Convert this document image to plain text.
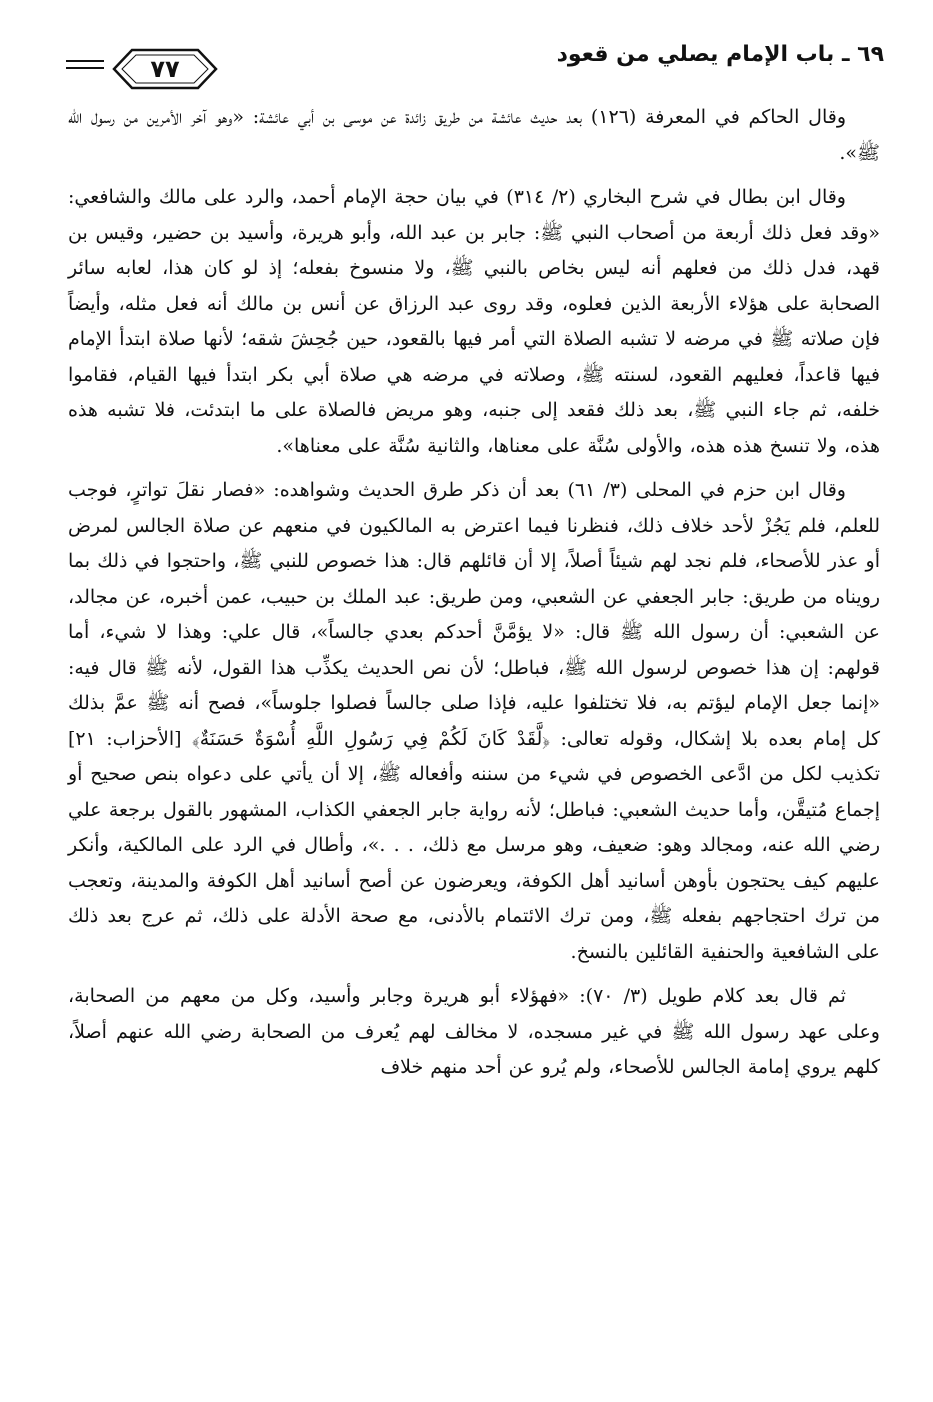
٦٩ ـ باب الإمام يصلي من قعود
٧٧

وقال الحاكم في المعرفة (١٢٦) بعد حديث عائشة من طريق زائدة عن موسى بن أبي عائشة: «وهو آخر الأمرين من رسول الله ﷺ».

وقال ابن بطال في شرح البخاري (٢/ ٣١٤) في بيان حجة الإمام أحمد، والرد على مالك والشافعي: «وقد فعل ذلك أربعة من أصحاب النبي ﷺ: جابر بن عبد الله، وأبو هريرة، وأسيد بن حضير، وقيس بن قهد، فدل ذلك من فعلهم أنه ليس بخاص بالنبي ﷺ، ولا منسوخ بفعله؛ إذ لو كان هذا، لعابه سائر الصحابة على هؤلاء الأربعة الذين فعلوه، وقد روى عبد الرزاق عن أنس بن مالك أنه فعل مثله، وأيضاً فإن صلاته ﷺ في مرضه لا تشبه الصلاة التي أمر فيها بالقعود، حين جُحِشَ شقه؛ لأنها صلاة ابتدأ الإمام فيها قاعداً، فعليهم القعود، لسنته ﷺ، وصلاته في مرضه هي صلاة أبي بكر ابتدأ فيها القيام، فقاموا خلفه، ثم جاء النبي ﷺ، بعد ذلك فقعد إلى جنبه، وهو مريض فالصلاة على ما ابتدئت، فلا تشبه هذه هذه، ولا تنسخ هذه هذه، والأولى سُنَّة على معناها، والثانية سُنَّة على معناها».

وقال ابن حزم في المحلى (٣/ ٦١) بعد أن ذكر طرق الحديث وشواهده: «فصار نقلَ تواترٍ، فوجب للعلم، فلم يَجُزْ لأحد خلاف ذلك، فنظرنا فيما اعترض به المالكيون في منعهم عن صلاة الجالس لمرض أو عذر للأصحاء، فلم نجد لهم شيئاً أصلاً، إلا أن قائلهم قال: هذا خصوص للنبي ﷺ، واحتجوا في ذلك بما رويناه من طريق: جابر الجعفي عن الشعبي، ومن طريق: عبد الملك بن حبيب، عمن أخبره، عن مجالد، عن الشعبي: أن رسول الله ﷺ قال: «لا يؤمَّنَّ أحدكم بعدي جالساً»، قال علي: وهذا لا شيء، أما قولهم: إن هذا خصوص لرسول الله ﷺ، فباطل؛ لأن نص الحديث يكذِّب هذا القول، لأنه ﷺ قال فيه: «إنما جعل الإمام ليؤتم به، فلا تختلفوا عليه، فإذا صلى جالساً فصلوا جلوساً»، فصح أنه ﷺ عمَّ بذلك كل إمام بعده بلا إشكال، وقوله تعالى: ﴿لَّقَدْ كَانَ لَكُمْ فِي رَسُولِ اللَّهِ أُسْوَةٌ حَسَنَةٌ﴾ [الأحزاب: ٢١] تكذيب لكل من ادَّعى الخصوص في شيء من سننه وأفعاله ﷺ، إلا أن يأتي على دعواه بنص صحيح أو إجماع مُتيقَّن، وأما حديث الشعبي: فباطل؛ لأنه رواية جابر الجعفي الكذاب، المشهور بالقول برجعة علي رضي الله عنه، ومجالد وهو: ضعيف، وهو مرسل مع ذلك، . . .»، وأطال في الرد على المالكية، وأنكر عليهم كيف يحتجون بأوهن أسانيد أهل الكوفة، ويعرضون عن أصح أسانيد أهل الكوفة والمدينة، وتعجب من ترك احتجاجهم بفعله ﷺ، ومن ترك الائتمام بالأدنى، مع صحة الأدلة على ذلك، ثم عرج بعد ذلك على الشافعية والحنفية القائلين بالنسخ.

ثم قال بعد كلام طويل (٣/ ٧٠): «فهؤلاء أبو هريرة وجابر وأسيد، وكل من معهم من الصحابة، وعلى عهد رسول الله ﷺ في غير مسجده، لا مخالف لهم يُعرف من الصحابة رضي الله عنهم أصلاً، كلهم يروي إمامة الجالس للأصحاء، ولم يُرو عن أحد منهم خلاف
